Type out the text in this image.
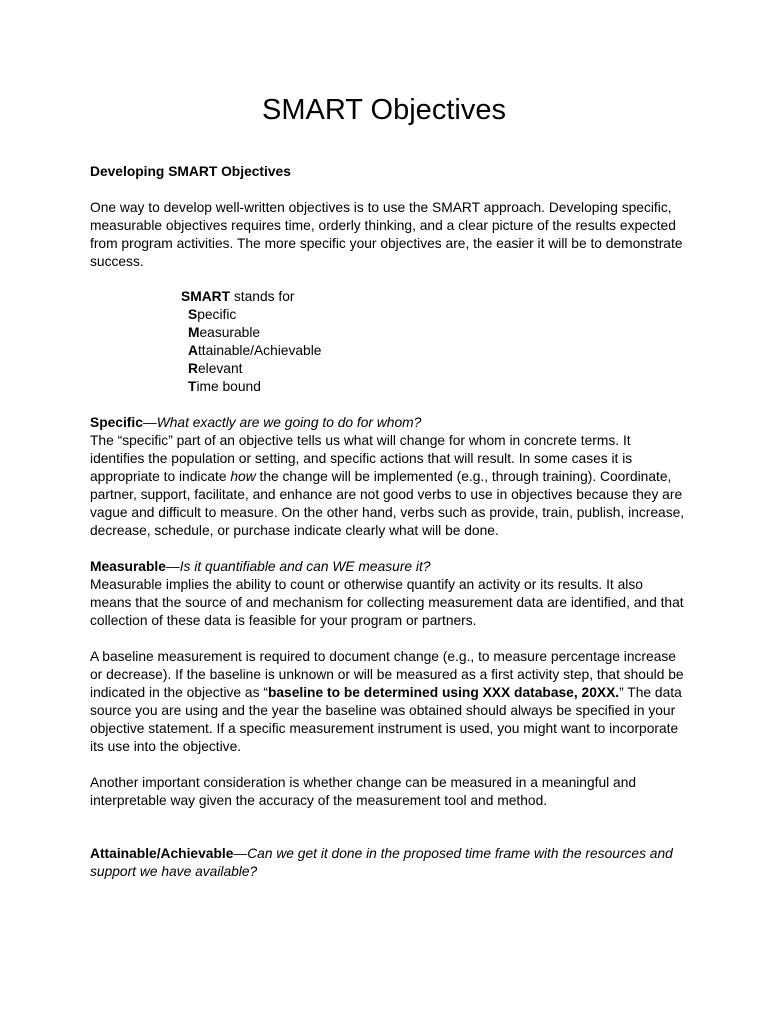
SMART Objectives

Developing SMART Objectives

One way to develop well-written objectives is to use the SMART approach. Developing specific, measurable objectives requires time, orderly thinking, and a clear picture of the results expected from program activities. The more specific your objectives are, the easier it will be to demonstrate success.

SMART stands for
Specific
Measurable
Attainable/Achievable
Relevant
Time bound

Specific—What exactly are we going to do for whom?

The “specific” part of an objective tells us what will change for whom in concrete terms. It identifies the population or setting, and specific actions that will result. In some cases it is appropriate to indicate how the change will be implemented (e.g., through training). Coordinate, partner, support, facilitate, and enhance are not good verbs to use in objectives because they are vague and difficult to measure. On the other hand, verbs such as provide, train, publish, increase, decrease, schedule, or purchase indicate clearly what will be done.

Measurable—Is it quantifiable and can WE measure it?

Measurable implies the ability to count or otherwise quantify an activity or its results. It also means that the source of and mechanism for collecting measurement data are identified, and that collection of these data is feasible for your program or partners.

A baseline measurement is required to document change (e.g., to measure percentage increase or decrease). If the baseline is unknown or will be measured as a first activity step, that should be indicated in the objective as “baseline to be determined using XXX database, 20XX.” The data source you are using and the year the baseline was obtained should always be specified in your objective statement. If a specific measurement instrument is used, you might want to incorporate its use into the objective.

Another important consideration is whether change can be measured in a meaningful and interpretable way given the accuracy of the measurement tool and method.

Attainable/Achievable—Can we get it done in the proposed time frame with the resources and support we have available?
